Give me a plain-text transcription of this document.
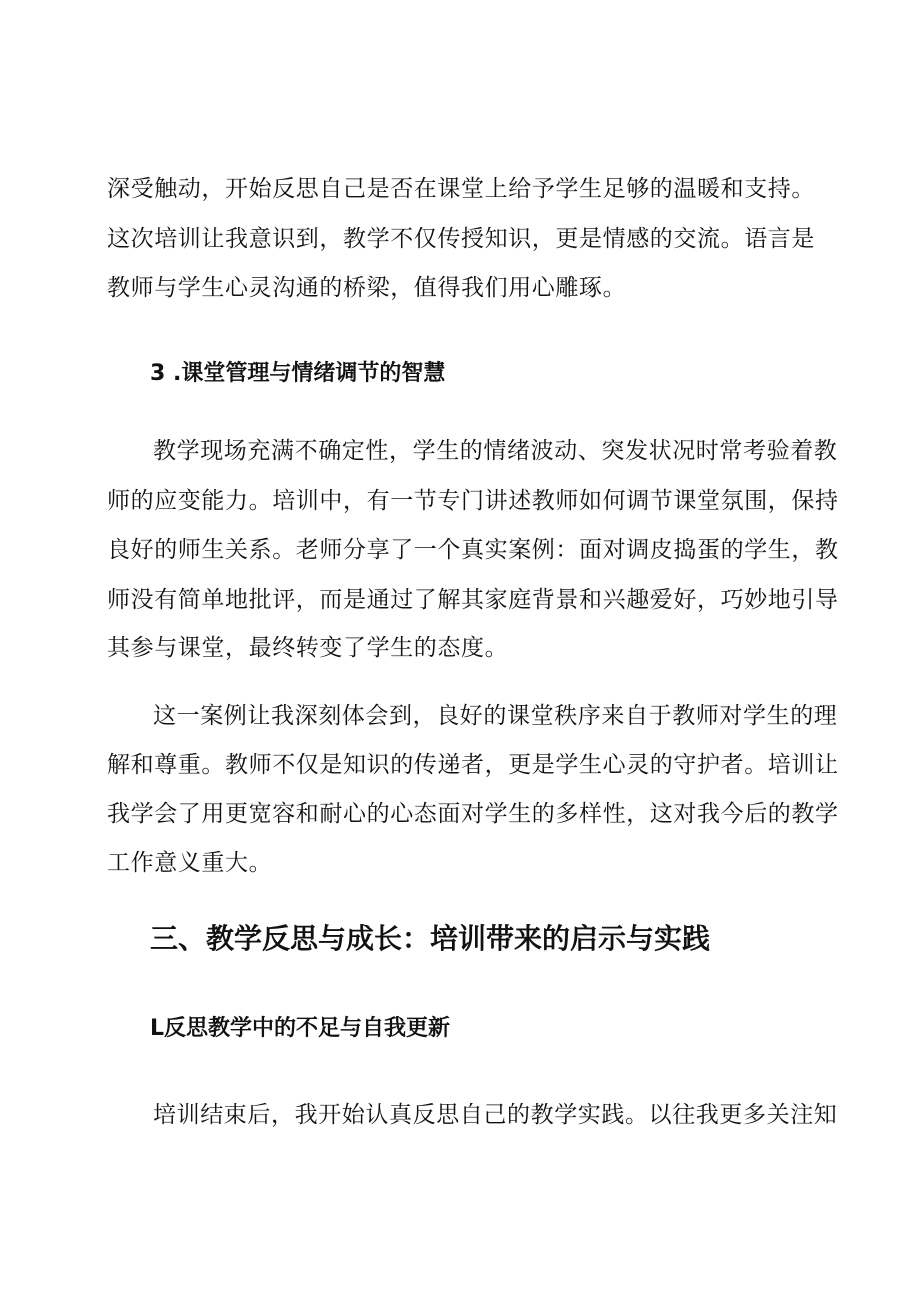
深受触动，开始反思自己是否在课堂上给予学生足够的温暖和支持。
这次培训让我意识到，教学不仅传授知识，更是情感的交流。语言是
教师与学生心灵沟通的桥梁，值得我们用心雕琢。
3 .课堂管理与情绪调节的智慧
教学现场充满不确定性，学生的情绪波动、突发状况时常考验着教
师的应变能力。培训中，有一节专门讲述教师如何调节课堂氛围，保持
良好的师生关系。老师分享了一个真实案例：面对调皮捣蛋的学生，教
师没有简单地批评，而是通过了解其家庭背景和兴趣爱好，巧妙地引导
其参与课堂，最终转变了学生的态度。
这一案例让我深刻体会到，良好的课堂秩序来自于教师对学生的理
解和尊重。教师不仅是知识的传递者，更是学生心灵的守护者。培训让
我学会了用更宽容和耐心的心态面对学生的多样性，这对我今后的教学
工作意义重大。
三、教学反思与成长：培训带来的启示与实践
L反思教学中的不足与自我更新
培训结束后，我开始认真反思自己的教学实践。以往我更多关注知
